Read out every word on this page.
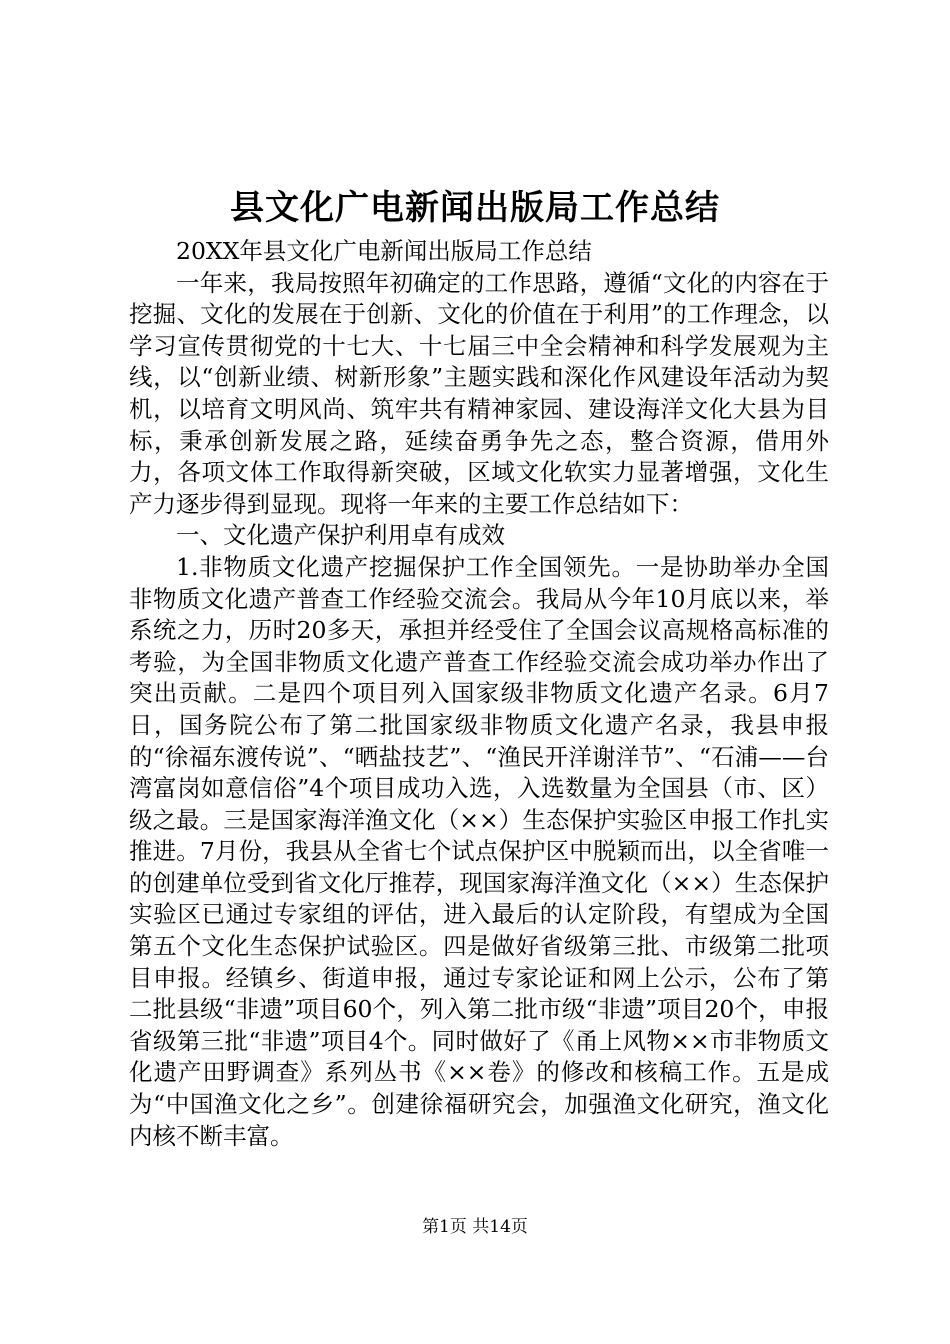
县文化广电新闻出版局工作总结

20XX年县文化广电新闻出版局工作总结

一年来，我局按照年初确定的工作思路，遵循“文化的内容在于挖掘、文化的发展在于创新、文化的价值在于利用”的工作理念，以学习宣传贯彻党的十七大、十七届三中全会精神和科学发展观为主线，以“创新业绩、树新形象”主题实践和深化作风建设年活动为契机，以培育文明风尚、筑牢共有精神家园、建设海洋文化大县为目标，秉承创新发展之路，延续奋勇争先之态，整合资源，借用外力，各项文体工作取得新突破，区域文化软实力显著增强，文化生产力逐步得到显现。现将一年来的主要工作总结如下：

一、文化遗产保护利用卓有成效

1.非物质文化遗产挖掘保护工作全国领先。一是协助举办全国非物质文化遗产普查工作经验交流会。我局从今年10月底以来，举系统之力，历时20多天，承担并经受住了全国会议高规格高标准的考验，为全国非物质文化遗产普查工作经验交流会成功举办作出了突出贡献。二是四个项目列入国家级非物质文化遗产名录。6月7日，国务院公布了第二批国家级非物质文化遗产名录，我县申报的“徐福东渡传说”、“晒盐技艺”、“渔民开洋谢洋节”、“石浦——台湾富岗如意信俗”4个项目成功入选，入选数量为全国县（市、区）级之最。三是国家海洋渔文化（××）生态保护实验区申报工作扎实推进。7月份，我县从全省七个试点保护区中脱颖而出，以全省唯一的创建单位受到省文化厅推荐，现国家海洋渔文化（××）生态保护实验区已通过专家组的评估，进入最后的认定阶段，有望成为全国第五个文化生态保护试验区。四是做好省级第三批、市级第二批项目申报。经镇乡、街道申报，通过专家论证和网上公示，公布了第二批县级“非遗”项目60个，列入第二批市级“非遗”项目20个，申报省级第三批“非遗”项目4个。同时做好了《甬上风物××市非物质文化遗产田野调查》系列丛书《××卷》的修改和核稿工作。五是成为“中国渔文化之乡”。创建徐福研究会，加强渔文化研究，渔文化内核不断丰富。

第1页 共14页
